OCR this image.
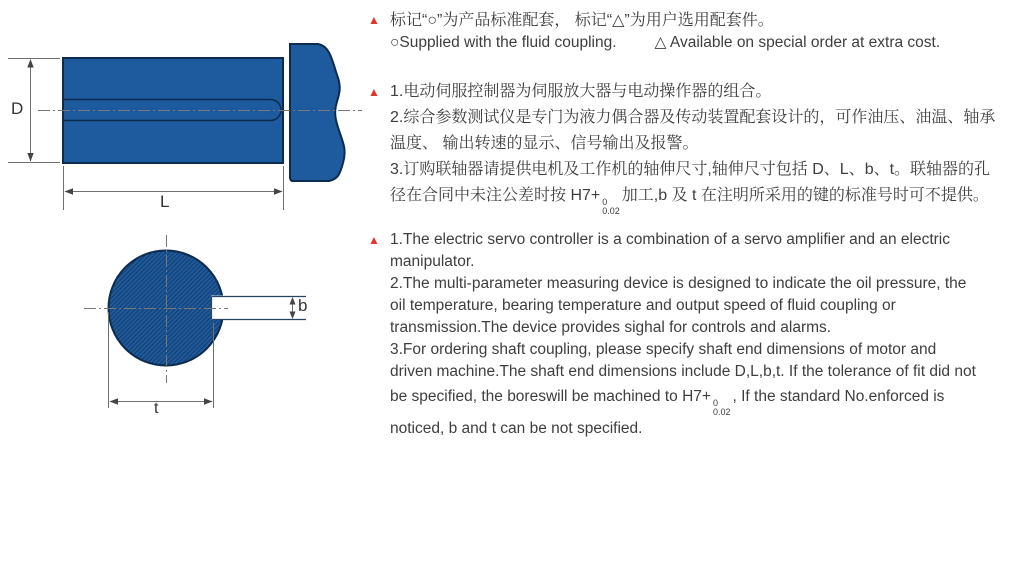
D
L
b
t
▲ 标记“○”为产品标准配套， 标记“△”为用户选用配套件。
○Supplied with the fluid coupling. △ Available on special order at extra cost.
▲ 1.电动伺服控制器为伺服放大器与电动操作器的组合。
2.综合参数测试仪是专门为液力偶合器及传动装置配套设计的，可作油压、油温、轴承
温度、 输出转速的显示、信号输出及报警。
3.订购联轴器请提供电机及工作机的轴伸尺寸,轴伸尺寸包括 D、L、b、t。联轴器的孔
径在合同中未注公差时按 H7+ 0
0.02
加工,b 及 t 在注明所采用的键的标准号时可不提供。
▲ 1.The electric servo controller is a combination of a servo amplifier and an electric
manipulator.
2.The multi-parameter measuring device is designed to indicate the oil pressure, the
oil temperature, bearing temperature and output speed of fluid coupling or
transmission.The device provides sighal for controls and alarms.
3.For ordering shaft coupling, please specify shaft end dimensions of motor and
driven machine.The shaft end dimensions include D,L,b,t. If the tolerance of fit did not
be specified, the boreswill be machined to H7+ 0
0.02
, If the standard No.enforced is
noticed, b and t can be not specified.
